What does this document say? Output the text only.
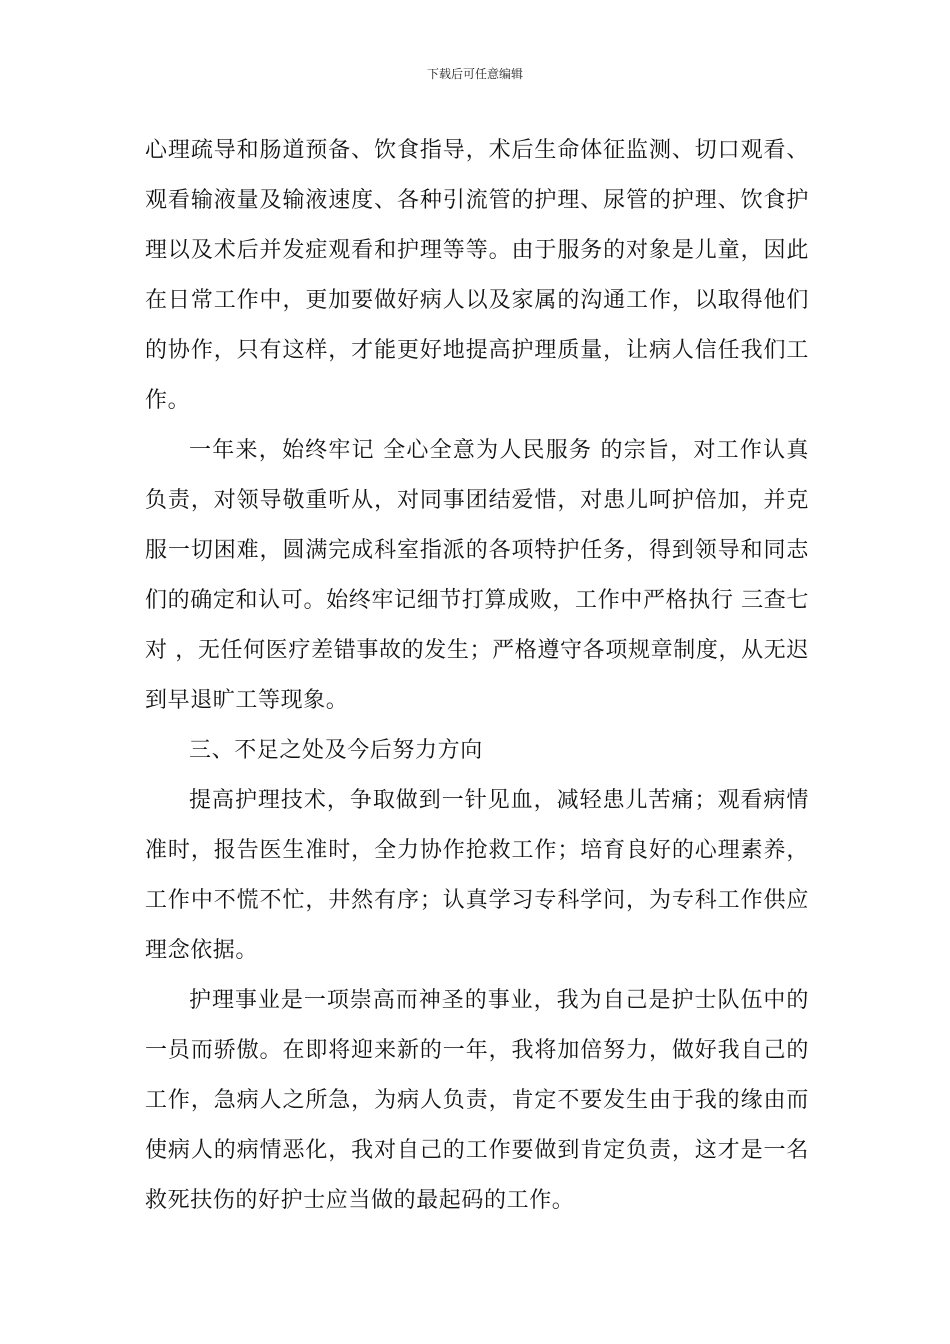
下载后可任意编辑

心理疏导和肠道预备、饮食指导，术后生命体征监测、切口观看、观看输液量及输液速度、各种引流管的护理、尿管的护理、饮食护理以及术后并发症观看和护理等等。由于服务的对象是儿童，因此在日常工作中，更加要做好病人以及家属的沟通工作，以取得他们的协作，只有这样，才能更好地提高护理质量，让病人信任我们工作。

一年来，始终牢记 全心全意为人民服务 的宗旨，对工作认真负责，对领导敬重听从，对同事团结爱惜，对患儿呵护倍加，并克服一切困难，圆满完成科室指派的各项特护任务，得到领导和同志们的确定和认可。始终牢记细节打算成败，工作中严格执行 三查七对 ，无任何医疗差错事故的发生；严格遵守各项规章制度，从无迟到早退旷工等现象。

三、不足之处及今后努力方向

提高护理技术，争取做到一针见血，减轻患儿苦痛；观看病情准时，报告医生准时，全力协作抢救工作；培育良好的心理素养，工作中不慌不忙，井然有序；认真学习专科学问，为专科工作供应理念依据。

护理事业是一项崇高而神圣的事业，我为自己是护士队伍中的一员而骄傲。在即将迎来新的一年，我将加倍努力，做好我自己的工作，急病人之所急，为病人负责，肯定不要发生由于我的缘由而使病人的病情恶化，我对自己的工作要做到肯定负责，这才是一名救死扶伤的好护士应当做的最起码的工作。
